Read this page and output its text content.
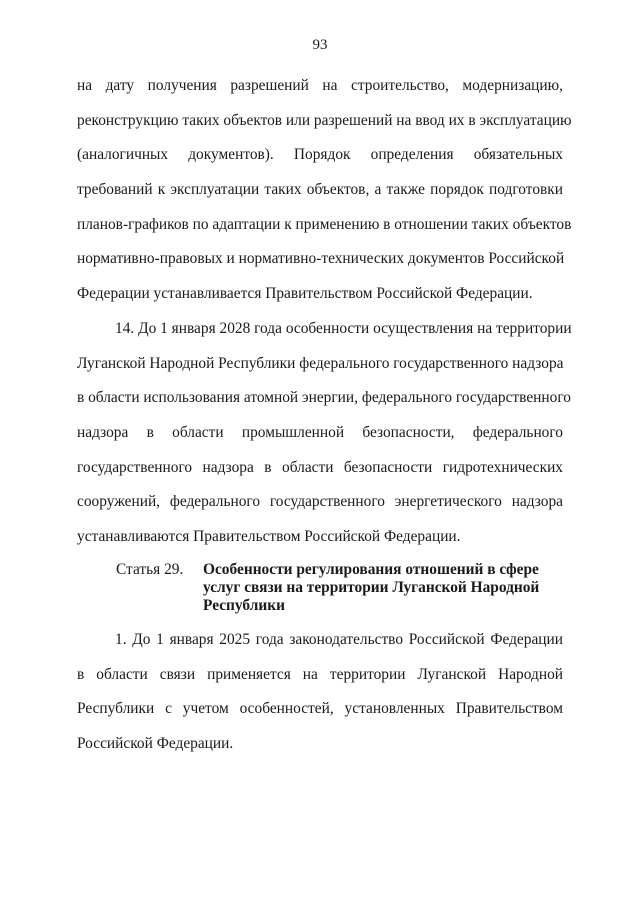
93
на дату получения разрешений на строительство, модернизацию,
реконструкцию таких объектов или разрешений на ввод их в эксплуатацию
(аналогичных документов). Порядок определения обязательных
требований к эксплуатации таких объектов, а также порядок подготовки
планов-графиков по адаптации к применению в отношении таких объектов
нормативно-правовых и нормативно-технических документов Российской
Федерации устанавливается Правительством Российской Федерации.
14. До 1 января 2028 года особенности осуществления на территории
Луганской Народной Республики федерального государственного надзора
в области использования атомной энергии, федерального государственного
надзора в области промышленной безопасности, федерального
государственного надзора в области безопасности гидротехнических
сооружений, федерального государственного энергетического надзора
устанавливаются Правительством Российской Федерации.
Статья 29. Особенности регулирования отношений в сфере
услуг связи на территории Луганской Народной
Республики
1. До 1 января 2025 года законодательство Российской Федерации
в области связи применяется на территории Луганской Народной
Республики с учетом особенностей, установленных Правительством
Российской Федерации.
